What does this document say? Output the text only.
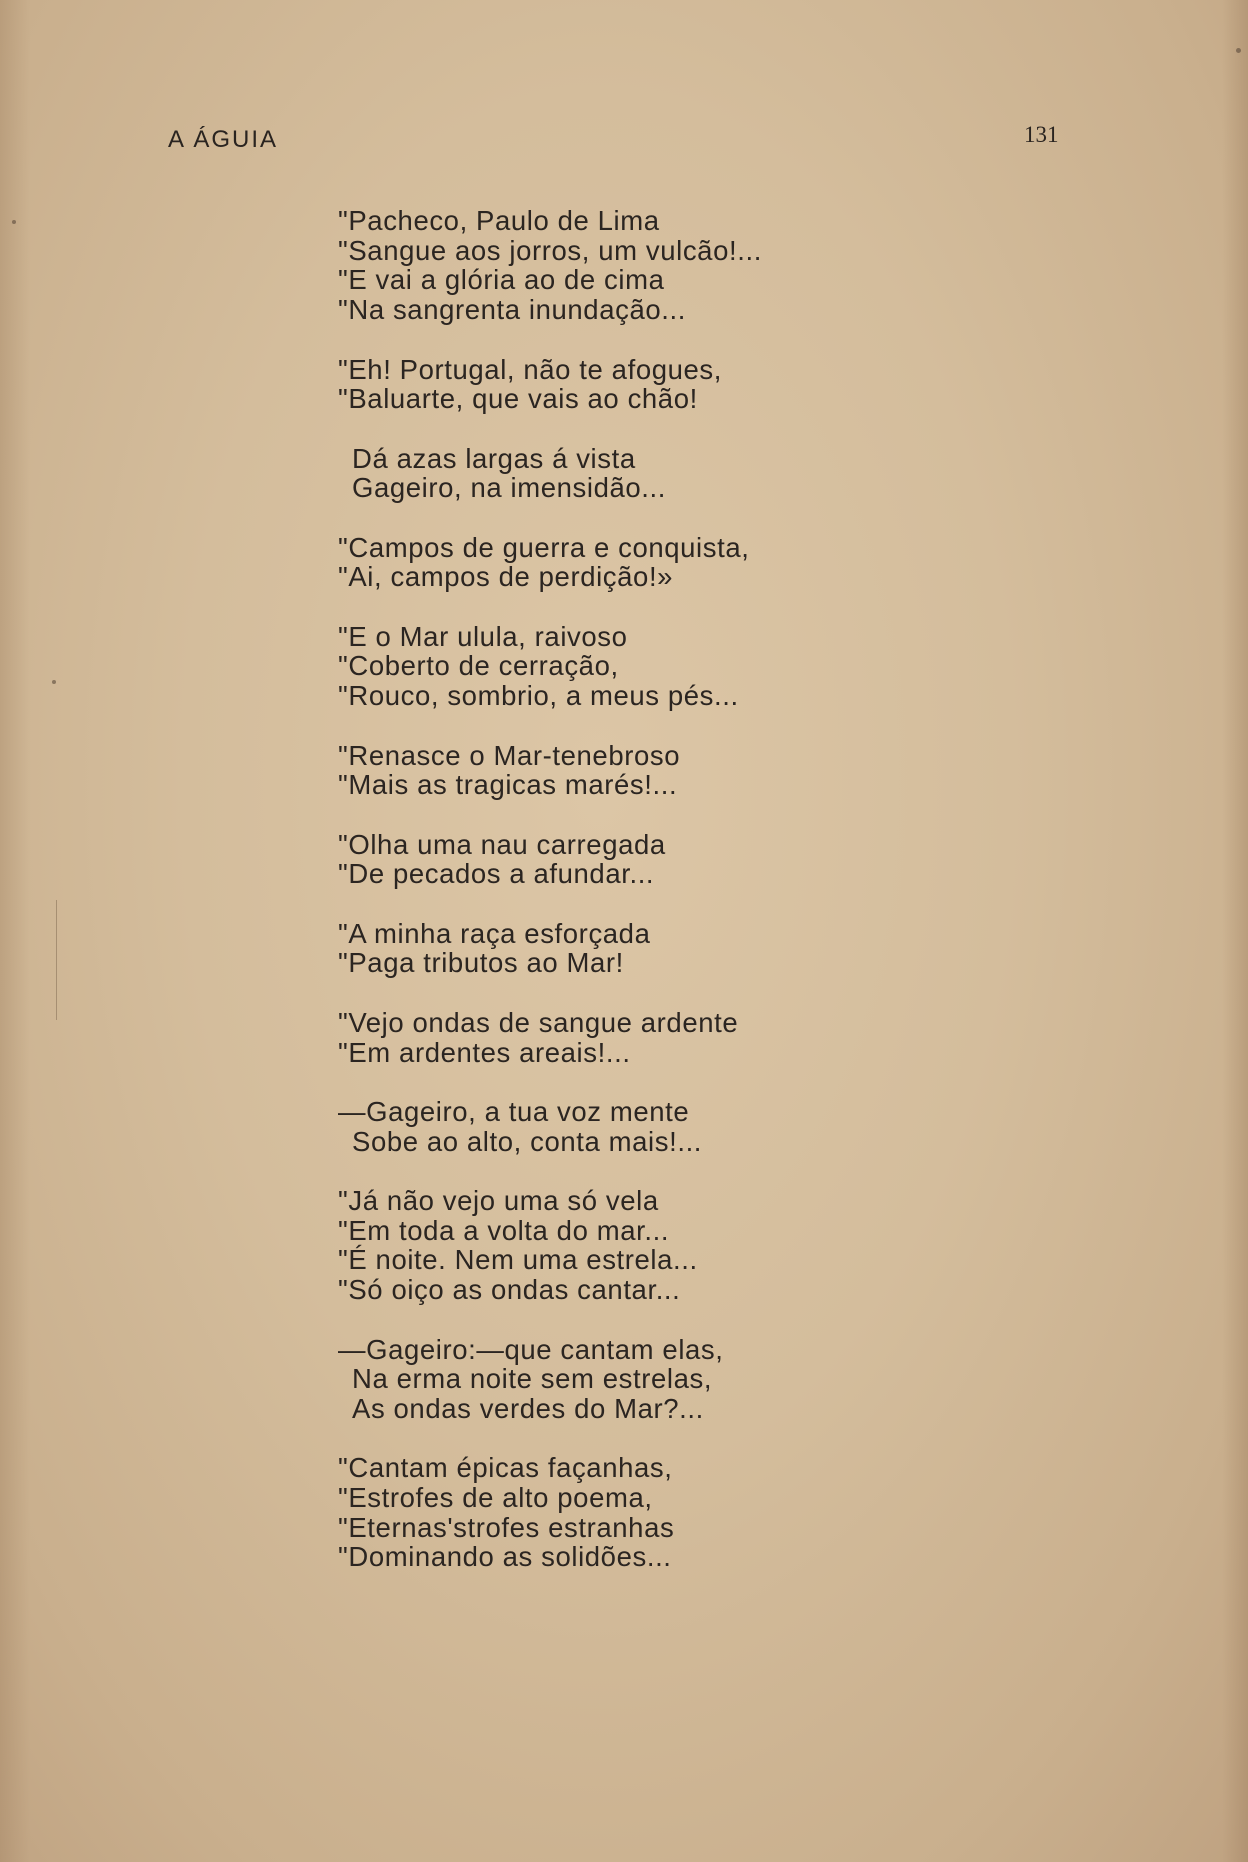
A ÁGUIA	131
"Pacheco, Paulo de Lima
"Sangue aos jorros, um vulcão!...
"E vai a glória ao de cima
"Na sangrenta inundação...
"Eh! Portugal, não te afogues,
"Baluarte, que vais ao chão!
Dá azas largas á vista
Gageiro, na imensidão...
"Campos de guerra e conquista,
"Ai, campos de perdição!»
"E o Mar ulula, raivoso
"Coberto de cerração,
"Rouco, sombrio, a meus pés...
"Renasce o Mar-tenebroso
"Mais as tragicas marés!...
"Olha uma nau carregada
"De pecados a afundar...
"A minha raça esforçada
"Paga tributos ao Mar!
"Vejo ondas de sangue ardente
"Em ardentes areais!...
—Gageiro, a tua voz mente
Sobe ao alto, conta mais!...
"Já não vejo uma só vela
"Em toda a volta do mar...
"É noite. Nem uma estrela...
"Só oiço as ondas cantar...
—Gageiro:—que cantam elas,
Na erma noite sem estrelas,
As ondas verdes do Mar?...
"Cantam épicas façanhas,
"Estrofes de alto poema,
"Eternas'strofes estranhas
"Dominando as solidões...
